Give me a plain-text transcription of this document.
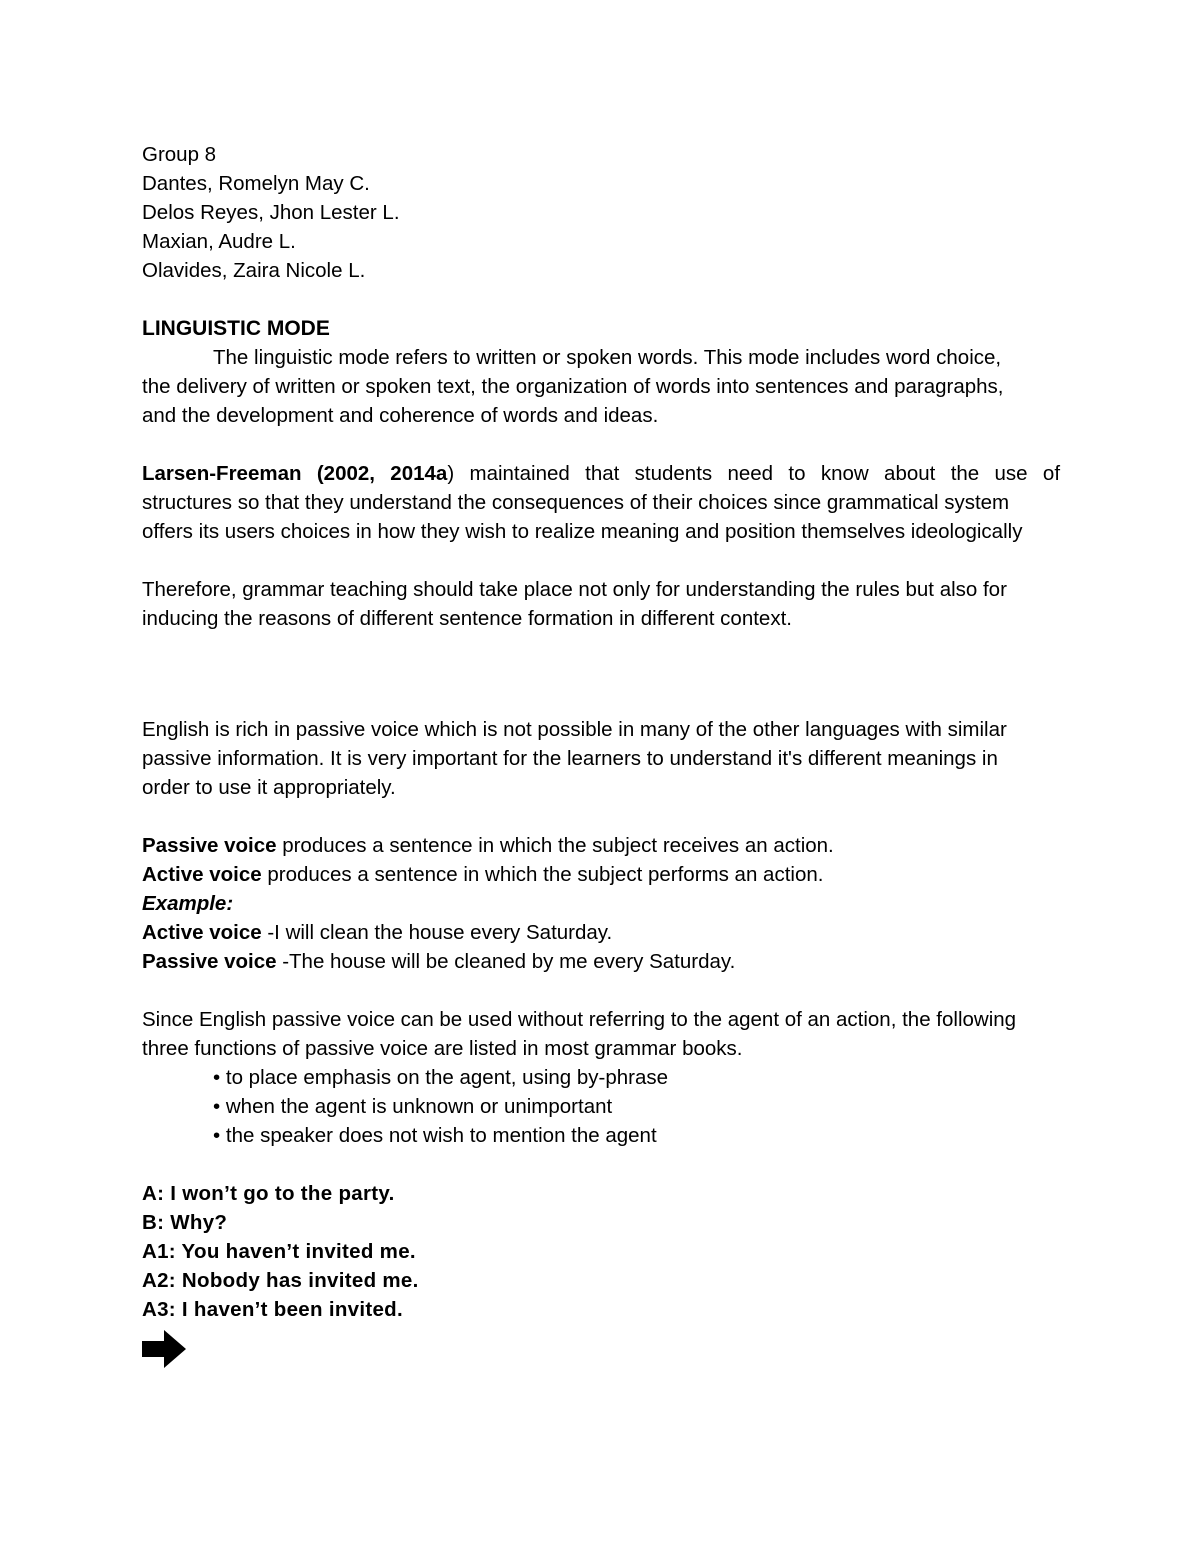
Group 8

Dantes, Romelyn May C.

Delos Reyes, Jhon Lester L.

Maxian, Audre L.

Olavides, Zaira Nicole L.

LINGUISTIC MODE

The linguistic mode refers to written or spoken words. This mode includes word choice,

the delivery of written or spoken text, the organization of words into sentences and paragraphs,

and the development and coherence of words and ideas.

Larsen-Freeman (2002, 2014a) maintained that students need to know about the use of

structures so that they understand the consequences of their choices since grammatical system

offers its users choices in how they wish to realize meaning and position themselves ideologically

Therefore, grammar teaching should take place not only for understanding the rules but also for

inducing the reasons of different sentence formation in different context.

English is rich in passive voice which is not possible in many of the other languages with similar

passive information. It is very important for the learners to understand it's different meanings in

order to use it appropriately.

Passive voice produces a sentence in which the subject receives an action.

Active voice produces a sentence in which the subject performs an action.

Example:

Active voice -I will clean the house every Saturday.

Passive voice -The house will be cleaned by me every Saturday.

Since English passive voice can be used without referring to the agent of an action, the following

three functions of passive voice are listed in most grammar books.

• to place emphasis on the agent, using by-phrase

• when the agent is unknown or unimportant

• the speaker does not wish to mention the agent

A: I won’t go to the party.

B: Why?

A1: You haven’t invited me.

A2: Nobody has invited me.

A3: I haven’t been invited.
